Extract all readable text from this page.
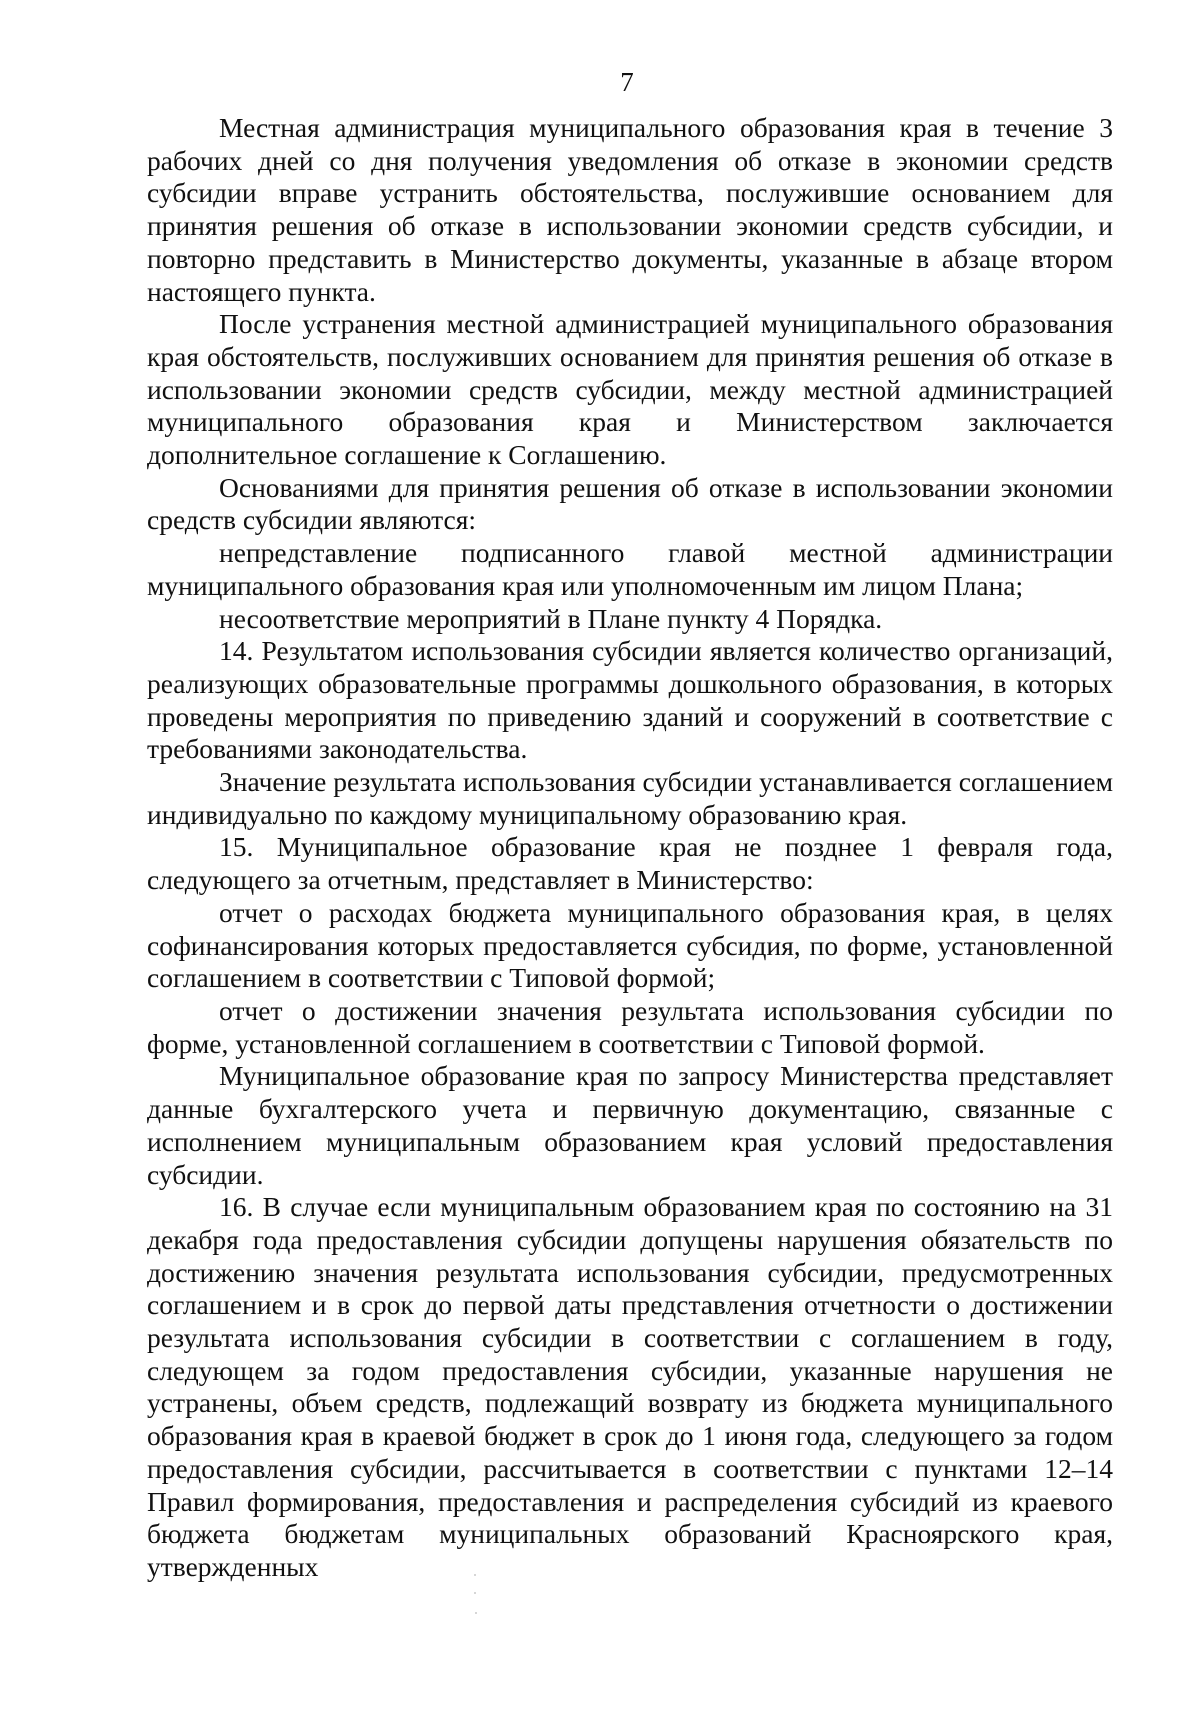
7

Местная администрация муниципального образования края в течение 3 рабочих дней со дня получения уведомления об отказе в экономии средств субсидии вправе устранить обстоятельства, послужившие основанием для принятия решения об отказе в использовании экономии средств субсидии, и повторно представить в Министерство документы, указанные в абзаце втором настоящего пункта.

После устранения местной администрацией муниципального образования края обстоятельств, послуживших основанием для принятия решения об отказе в использовании экономии средств субсидии, между местной администрацией муниципального образования края и Министерством заключается дополнительное соглашение к Соглашению.

Основаниями для принятия решения об отказе в использовании экономии средств субсидии являются:

непредставление подписанного главой местной администрации муниципального образования края или уполномоченным им лицом Плана;

несоответствие мероприятий в Плане пункту 4 Порядка.

14. Результатом использования субсидии является количество организаций, реализующих образовательные программы дошкольного образования, в которых проведены мероприятия по приведению зданий и сооружений в соответствие с требованиями законодательства.

Значение результата использования субсидии устанавливается соглашением индивидуально по каждому муниципальному образованию края.

15. Муниципальное образование края не позднее 1 февраля года, следующего за отчетным, представляет в Министерство:

отчет о расходах бюджета муниципального образования края, в целях софинансирования которых предоставляется субсидия, по форме, установленной соглашением в соответствии с Типовой формой;

отчет о достижении значения результата использования субсидии по форме, установленной соглашением в соответствии с Типовой формой.

Муниципальное образование края по запросу Министерства представляет данные бухгалтерского учета и первичную документацию, связанные с исполнением муниципальным образованием края условий предоставления субсидии.

16. В случае если муниципальным образованием края по состоянию на 31 декабря года предоставления субсидии допущены нарушения обязательств по достижению значения результата использования субсидии, предусмотренных соглашением и в срок до первой даты представления отчетности о достижении результата использования субсидии в соответствии с соглашением в году, следующем за годом предоставления субсидии, указанные нарушения не устранены, объем средств, подлежащий возврату из бюджета муниципального образования края в краевой бюджет в срок до 1 июня года, следующего за годом предоставления субсидии, рассчитывается в соответствии с пунктами 12–14 Правил формирования, предоставления и распределения субсидий из краевого бюджета бюджетам муниципальных образований Красноярского края, утвержденных
